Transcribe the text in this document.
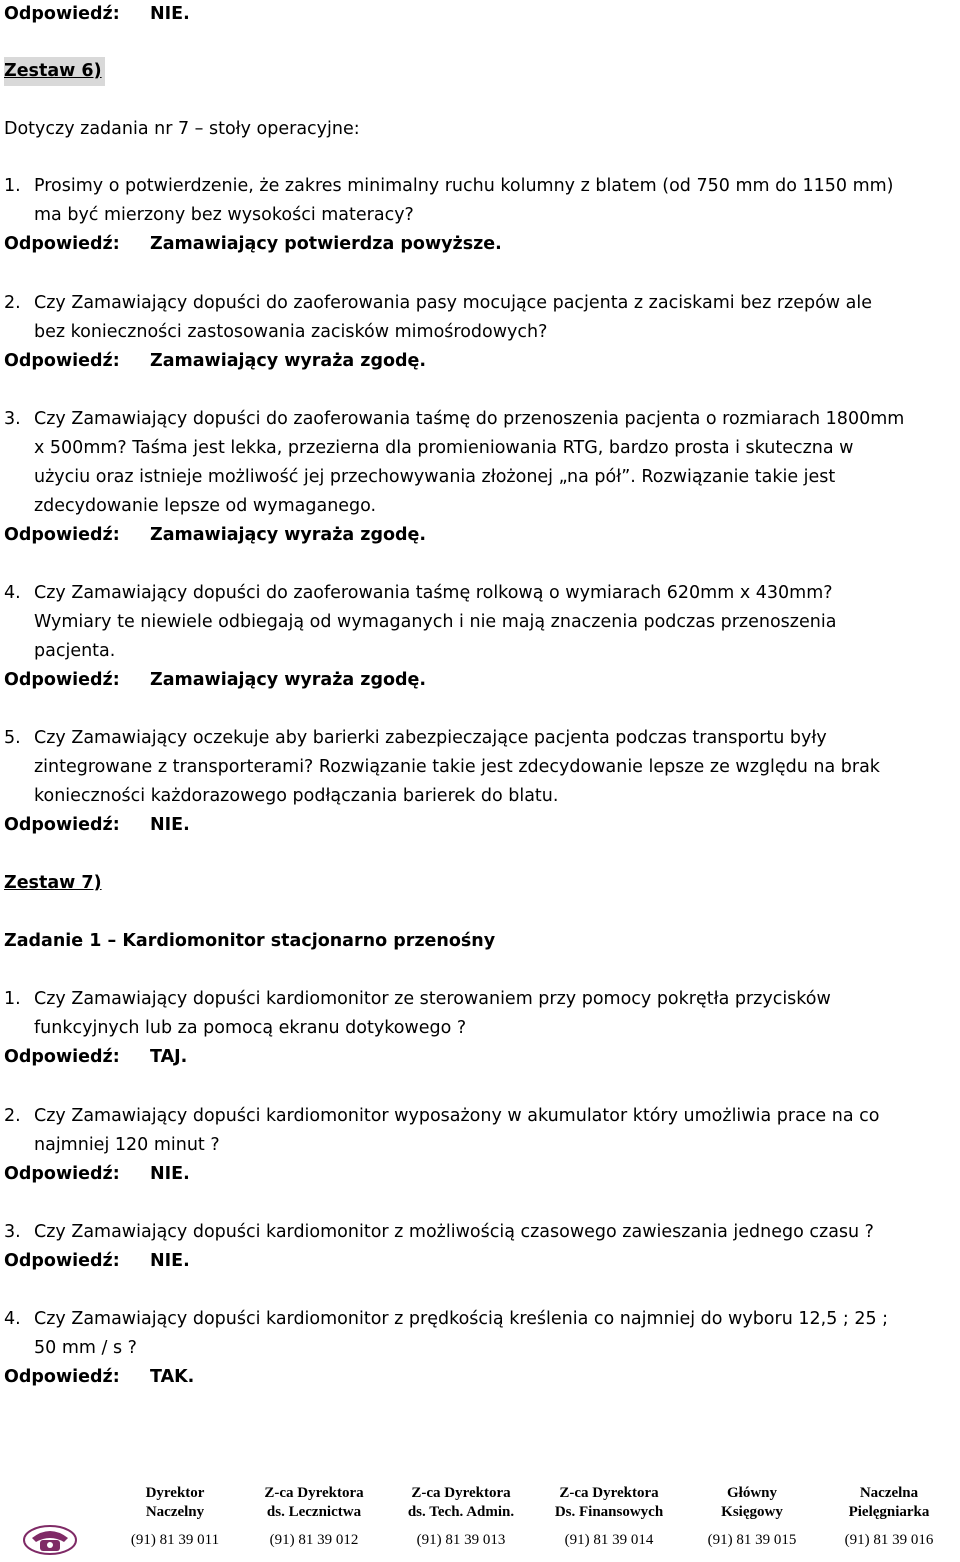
Odpowiedź: NIE.
Zestaw 6)
Dotyczy zadania nr 7 – stoły operacyjne:
1. Prosimy o potwierdzenie, że zakres minimalny ruchu kolumny z blatem (od 750 mm do 1150 mm)
ma być mierzony bez wysokości materacy?
Odpowiedź: Zamawiający potwierdza powyższe.
2. Czy Zamawiający dopuści do zaoferowania pasy mocujące pacjenta z zaciskami bez rzepów ale
bez konieczności zastosowania zacisków mimośrodowych?
Odpowiedź: Zamawiający wyraża zgodę.
3. Czy Zamawiający dopuści do zaoferowania taśmę do przenoszenia pacjenta o rozmiarach 1800mm
x 500mm? Taśma jest lekka, przezierna dla promieniowania RTG, bardzo prosta i skuteczna w
użyciu oraz istnieje możliwość jej przechowywania złożonej „na pół”. Rozwiązanie takie jest
zdecydowanie lepsze od wymaganego.
Odpowiedź: Zamawiający wyraża zgodę.
4. Czy Zamawiający dopuści do zaoferowania taśmę rolkową o wymiarach 620mm x 430mm?
Wymiary te niewiele odbiegają od wymaganych i nie mają znaczenia podczas przenoszenia
pacjenta.
Odpowiedź: Zamawiający wyraża zgodę.
5. Czy Zamawiający oczekuje aby barierki zabezpieczające pacjenta podczas transportu były
zintegrowane z transporterami? Rozwiązanie takie jest zdecydowanie lepsze ze względu na brak
konieczności każdorazowego podłączania barierek do blatu.
Odpowiedź: NIE.
Zestaw 7)
Zadanie 1 – Kardiomonitor stacjonarno przenośny
1. Czy Zamawiający dopuści kardiomonitor ze sterowaniem przy pomocy pokrętła przycisków
funkcyjnych lub za pomocą ekranu dotykowego ?
Odpowiedź: TAJ.
2. Czy Zamawiający dopuści kardiomonitor wyposażony w akumulator który umożliwia prace na co
najmniej 120 minut ?
Odpowiedź: NIE.
3. Czy Zamawiający dopuści kardiomonitor z możliwością czasowego zawieszania jednego czasu ?
Odpowiedź: NIE.
4. Czy Zamawiający dopuści kardiomonitor z prędkością kreślenia co najmniej do wyboru 12,5 ; 25 ;
50 mm / s ?
Odpowiedź: TAK.
Dyrektor
Naczelny
(91) 81 39 011
Z-ca Dyrektora
ds. Lecznictwa
(91) 81 39 012
Z-ca Dyrektora
ds. Tech. Admin.
(91) 81 39 013
Z-ca Dyrektora
Ds. Finansowych
(91) 81 39 014
Główny
Księgowy
(91) 81 39 015
Naczelna
Pielęgniarka
(91) 81 39 016
